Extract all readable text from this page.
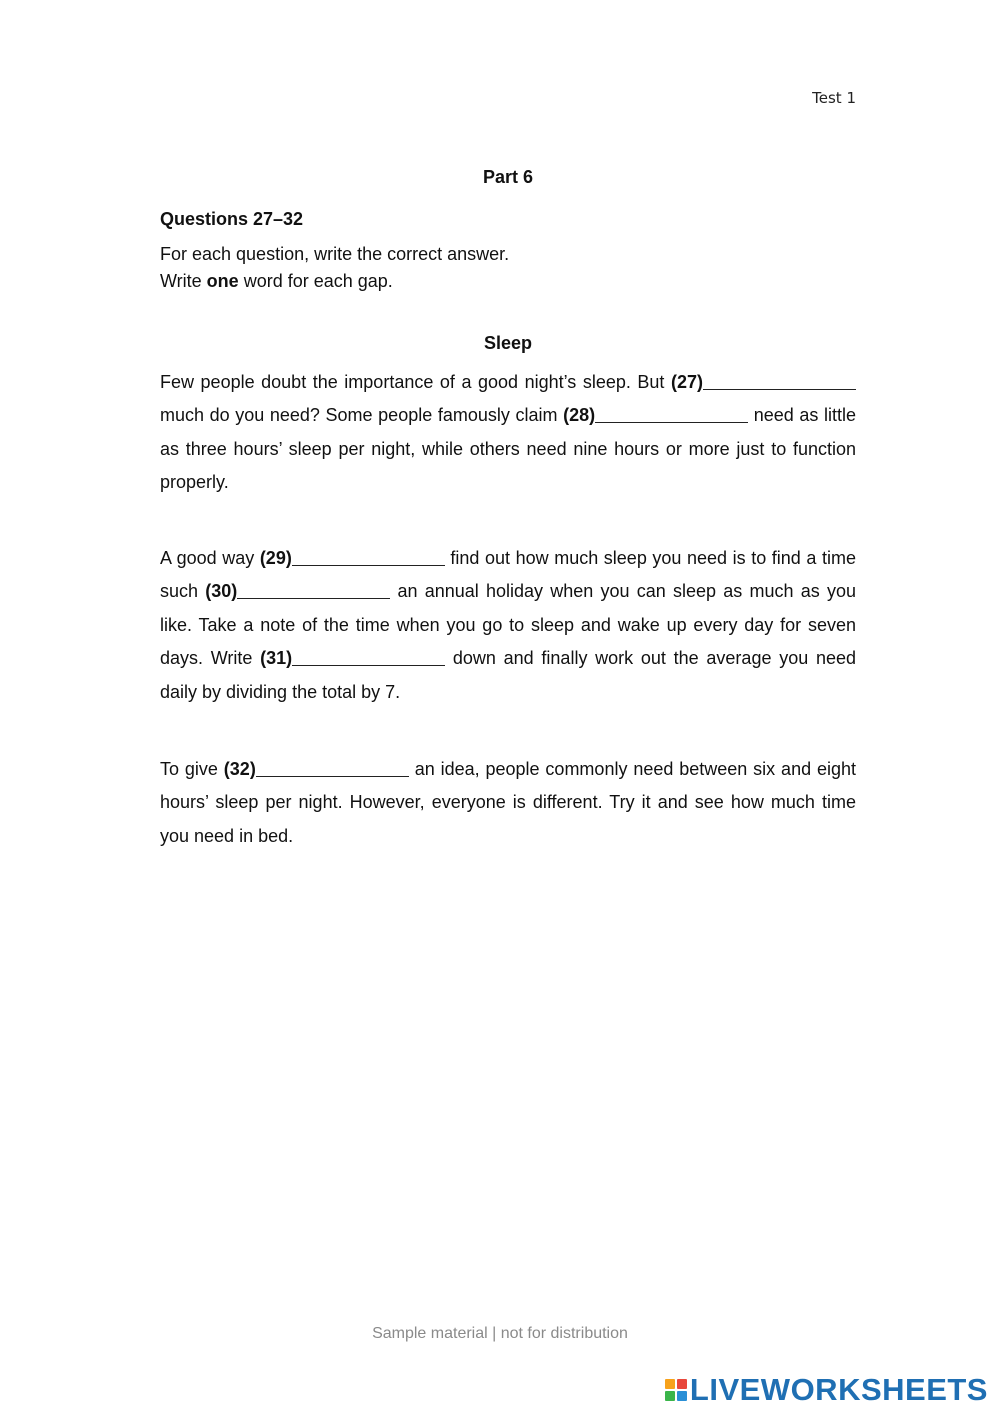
Test 1
Part 6
Questions 27–32
For each question, write the correct answer.
Write one word for each gap.
Sleep

Few people doubt the importance of a good night’s sleep. But (27) much do you need? Some people famously claim (28)	need as little as three hours’ sleep per night, while others need nine hours or more just to function properly.

A good way (29)	find out how much sleep you need is to find a time such (30)	an annual holiday when you can sleep as much as you like. Take a note of the time when you go to sleep and wake up every day for seven days. Write (31)	down and finally work out the average you need daily by dividing the total by 7.

To give (32)	an idea, people commonly need between six and eight hours’ sleep per night. However, everyone is different. Try it and see how much time you need in bed.

Sample material | not for distribution
LIVEWORKSHEETS
